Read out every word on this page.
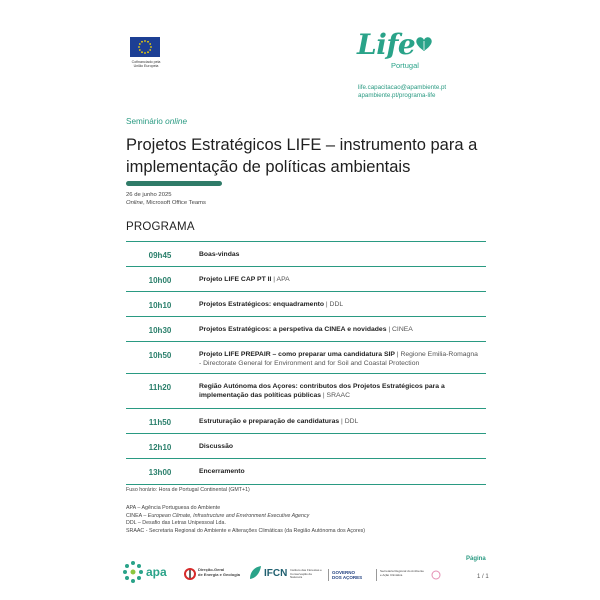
Cofinanciado pela
União Europeia
Life
Portugal
life.capacitacao@apambiente.pt
apambiente.pt/programa-life
Seminário online
Projetos Estratégicos LIFE – instrumento para a
implementação de políticas ambientais
26 de junho 2025
Online, Microsoft Office Teams
PROGRAMA
09h45	Boas-vindas
10h00	Projeto LIFE CAP PT II | APA
10h10	Projetos Estratégicos: enquadramento | DDL
10h30	Projetos Estratégicos: a perspetiva da CINEA e novidades | CINEA
10h50	Projeto LIFE PREPAIR – como preparar uma candidatura SIP | Regione Emilia-Romagna - Directorate General for Environment and for Soil and Coastal Protection
11h20	Região Autónoma dos Açores: contributos dos Projetos Estratégicos para a implementação das políticas públicas | SRAAC
11h50	Estruturação e preparação de candidaturas | DDL
12h10	Discussão
13h00	Encerramento
Fuso horário: Hora de Portugal Continental (GMT+1)
APA – Agência Portuguesa do Ambiente
CINEA – European Climate, Infrastructure and Environment Executive Agency
DDL – Desafio das Letras Unipessoal Lda.
SRAAC - Secretaria Regional do Ambiente e Alterações Climáticas (da Região Autónoma dos Açores)
Página
1 / 1
apa	Direção-Geral
de Energia e Geologia IFCN Instituto das Florestas e
Conservação da Natureza
GOVERNO
DOS AÇORES
Secretaria Regional do Ambiente
e Ação Climática
